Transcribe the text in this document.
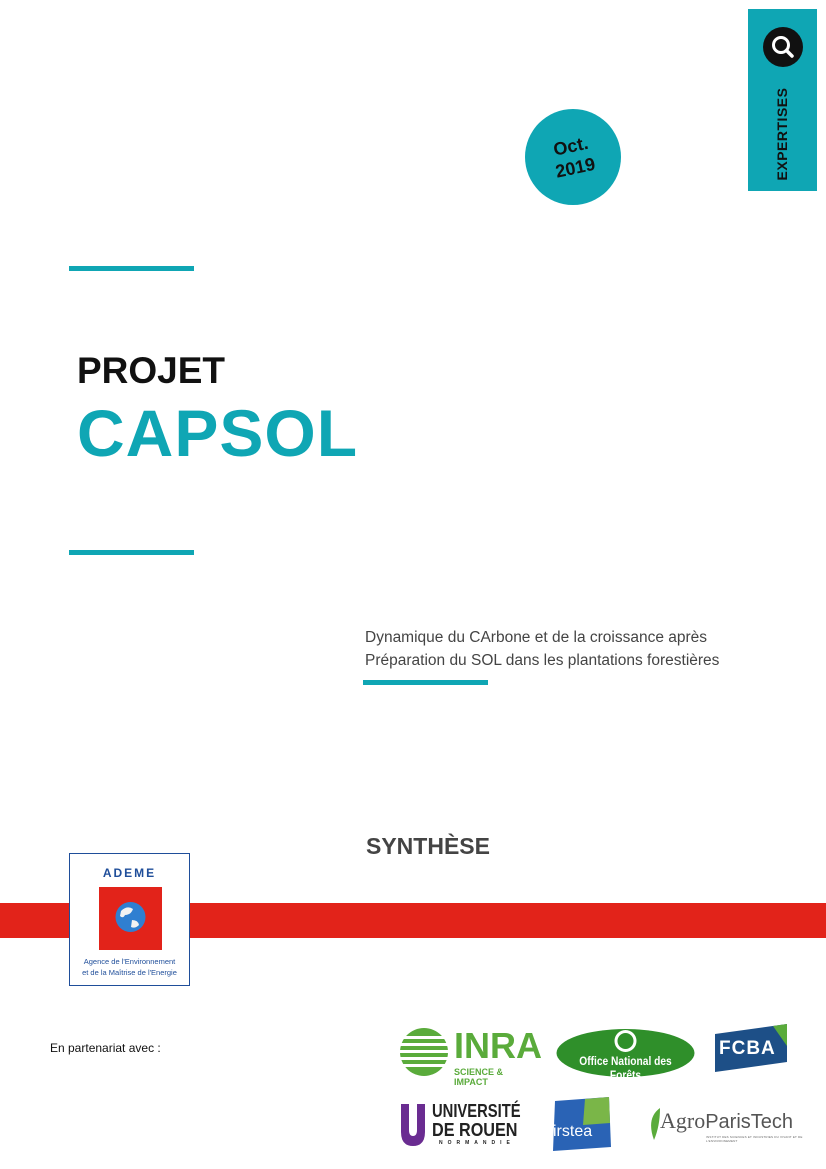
EXPERTISES
Oct.
2019
PROJET
CAPSOL
Dynamique du CArbone et de la croissance après
Préparation du SOL dans les plantations forestières
SYNTHÈSE
ADEME
Agence de l'Environnement
et de la Maîtrise de l'Energie
En partenariat avec :	INRA
SCIENCE & IMPACT
Office National des Forêts
FCBA
UNIVERSITÉ
DE ROUEN
NORMANDIE
irstea	AgroParisTech
INSTITUT DES SCIENCES ET INDUSTRIES DU VIVANT ET DE L'ENVIRONNEMENT
